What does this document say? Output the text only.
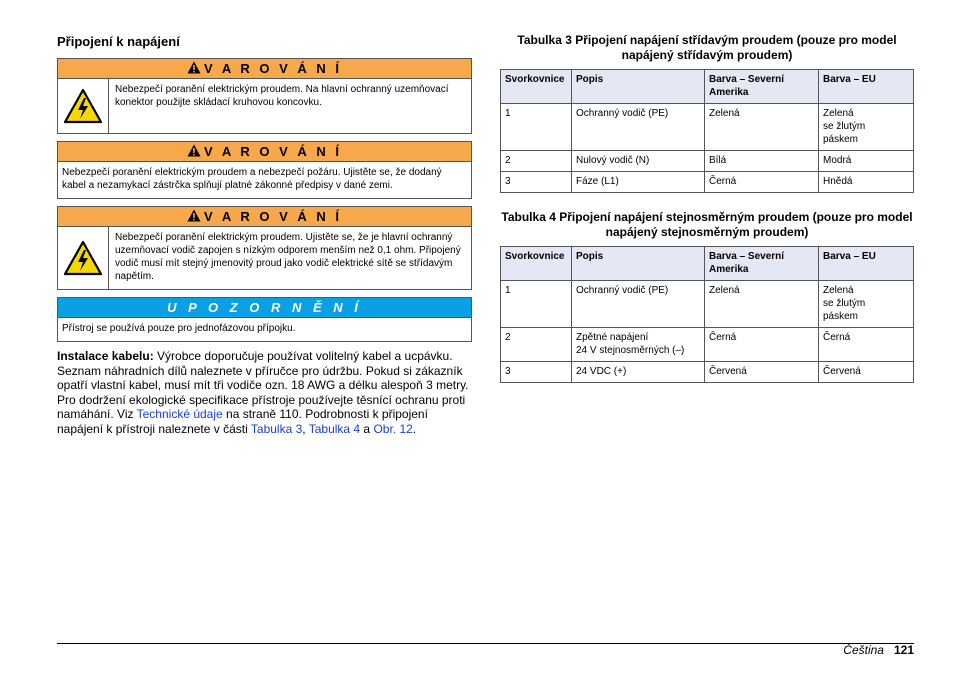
Připojení k napájení
V A R O V Á N Í
Nebezpečí poranění elektrickým proudem. Na hlavní ochranný uzemňovací konektor použijte skládací kruhovou koncovku.
V A R O V Á N Í
Nebezpečí poranění elektrickým proudem a nebezpečí požáru. Ujistěte se, že dodaný kabel a nezamykací zástrčka splňují platné zákonné předpisy v dané zemi.
V A R O V Á N Í
Nebezpečí poranění elektrickým proudem. Ujistěte se, že je hlavní ochranný uzemňovací vodič zapojen s nízkým odporem menším než 0,1 ohm. Připojený vodič musí mít stejný jmenovitý proud jako vodič elektrické sítě se střídavým napětím.
U P O Z O R N Ě N Í
Přístroj se používá pouze pro jednofázovou přípojku.
Instalace kabelu: Výrobce doporučuje používat volitelný kabel a ucpávku. Seznam náhradních dílů naleznete v příručce pro údržbu. Pokud si zákazník opatří vlastní kabel, musí mít tři vodiče ozn. 18 AWG a délku alespoň 3 metry. Pro dodržení ekologické specifikace přístroje používejte těsnící ochranu proti namáhání. Viz Technické údaje na straně 110. Podrobnosti k připojení napájení k přístroji naleznete v části Tabulka 3, Tabulka 4 a Obr. 12.
Tabulka 3 Připojení napájení střídavým proudem (pouze pro model napájený střídavým proudem)
Svorkovnice	Popis	Barva – Severní Amerika	Barva – EU
1	Ochranný vodič (PE)	Zelená	Zelená
se žlutým
páskem
2	Nulový vodič (N)	Bílá	Modrá
3	Fáze (L1)	Černá	Hnědá
Tabulka 4 Připojení napájení stejnosměrným proudem (pouze pro model napájený stejnosměrným proudem)
Svorkovnice	Popis	Barva – Severní Amerika	Barva – EU
1	Ochranný vodič (PE)	Zelená	Zelená
se žlutým
páskem
2	Zpětné napájení
24 V stejnosměrných (–)	Černá	Černá
3	24 VDC (+)	Červená	Červená
Čeština 121
